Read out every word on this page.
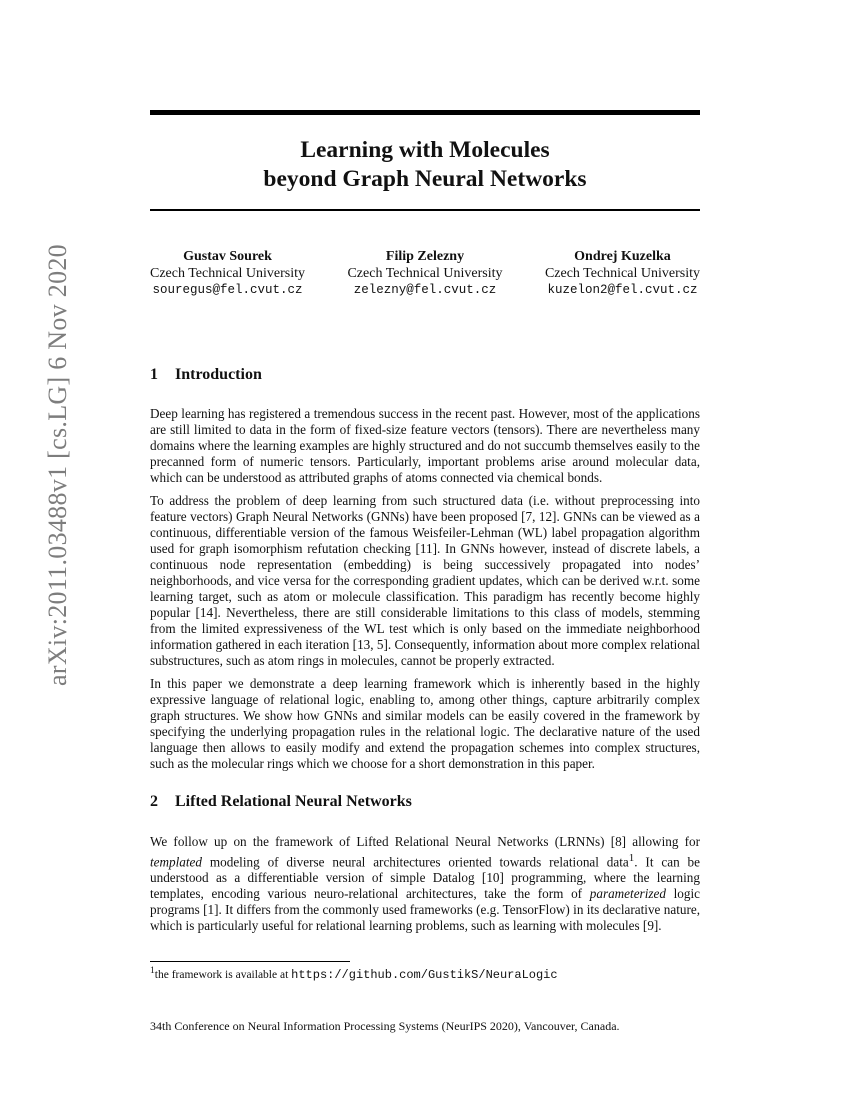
arXiv:2011.03488v1 [cs.LG] 6 Nov 2020
Learning with Molecules
beyond Graph Neural Networks
Gustav Sourek
Czech Technical University
souregus@fel.cvut.cz
Filip Zelezny
Czech Technical University
zelezny@fel.cvut.cz
Ondrej Kuzelka
Czech Technical University
kuzelon2@fel.cvut.cz
1 Introduction

Deep learning has registered a tremendous success in the recent past. However, most of the applications are still limited to data in the form of fixed-size feature vectors (tensors). There are nevertheless many domains where the learning examples are highly structured and do not succumb themselves easily to the precanned form of numeric tensors. Particularly, important problems arise around molecular data, which can be understood as attributed graphs of atoms connected via chemical bonds.

To address the problem of deep learning from such structured data (i.e. without preprocessing into feature vectors) Graph Neural Networks (GNNs) have been proposed [7, 12]. GNNs can be viewed as a continuous, differentiable version of the famous Weisfeiler-Lehman (WL) label propagation algorithm used for graph isomorphism refutation checking [11]. In GNNs however, instead of discrete labels, a continuous node representation (embedding) is being successively propagated into nodes’ neighborhoods, and vice versa for the corresponding gradient updates, which can be derived w.r.t. some learning target, such as atom or molecule classification. This paradigm has recently become highly popular [14]. Nevertheless, there are still considerable limitations to this class of models, stemming from the limited expressiveness of the WL test which is only based on the immediate neighborhood information gathered in each iteration [13, 5]. Consequently, information about more complex relational substructures, such as atom rings in molecules, cannot be properly extracted.

In this paper we demonstrate a deep learning framework which is inherently based in the highly expressive language of relational logic, enabling to, among other things, capture arbitrarily complex graph structures. We show how GNNs and similar models can be easily covered in the framework by specifying the underlying propagation rules in the relational logic. The declarative nature of the used language then allows to easily modify and extend the propagation schemes into complex structures, such as the molecular rings which we choose for a short demonstration in this paper.

2 Lifted Relational Neural Networks

We follow up on the framework of Lifted Relational Neural Networks (LRNNs) [8] allowing for templated modeling of diverse neural architectures oriented towards relational data$^1$. It can be understood as a differentiable version of simple Datalog [10] programming, where the learning templates, encoding various neuro-relational architectures, take the form of parameterized logic programs [1]. It differs from the commonly used frameworks (e.g. TensorFlow) in its declarative nature, which is particularly useful for relational learning problems, such as learning with molecules [9].

$^1$the framework is available at https://github.com/GustikS/NeuraLogic
34th Conference on Neural Information Processing Systems (NeurIPS 2020), Vancouver, Canada.
